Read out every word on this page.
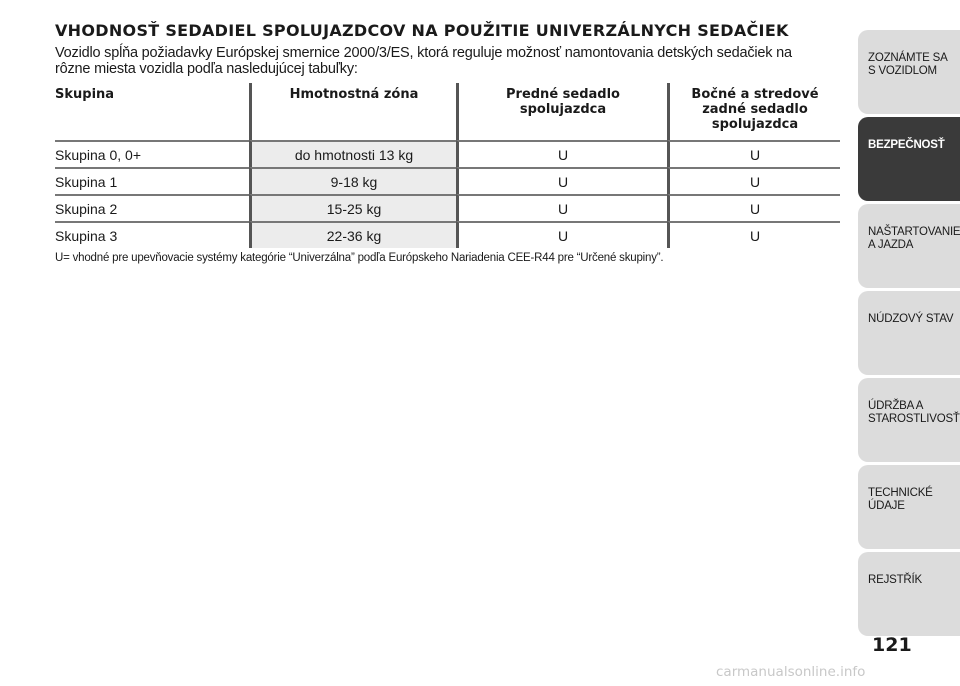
VHODNOSŤ SEDADIEL SPOLUJAZDCOV NA POUŽITIE UNIVERZÁLNYCH SEDAČIEK

Vozidlo spĺňa požiadavky Európskej smernice 2000/3/ES, ktorá reguluje možnosť namontovania detských sedačiek na rôzne miesta vozidla podľa nasledujúcej tabuľky:

Skupina	Hmotnostná zóna	Predné sedadlo spolujazdca	Bočné a stredové zadné sedadlo spolujazdca
Skupina 0, 0+	do hmotnosti 13 kg	U	U
Skupina 1	9-18 kg	U	U
Skupina 2	15-25 kg	U	U
Skupina 3	22-36 kg	U	U
U= vhodné pre upevňovacie systémy kategórie “Univerzálna” podľa Európskeho Nariadenia CEE-R44 pre “Určené skupiny”.
ZOZNÁMTE SA S VOZIDLOM
BEZPEČNOSŤ
NAŠTARTOVANIE A JAZDA
NÚDZOVÝ STAV
ÚDRŽBA A STAROSTLIVOSŤ
TECHNICKÉ ÚDAJE
REJSTŘÍK
121
carmanualsonline.info
